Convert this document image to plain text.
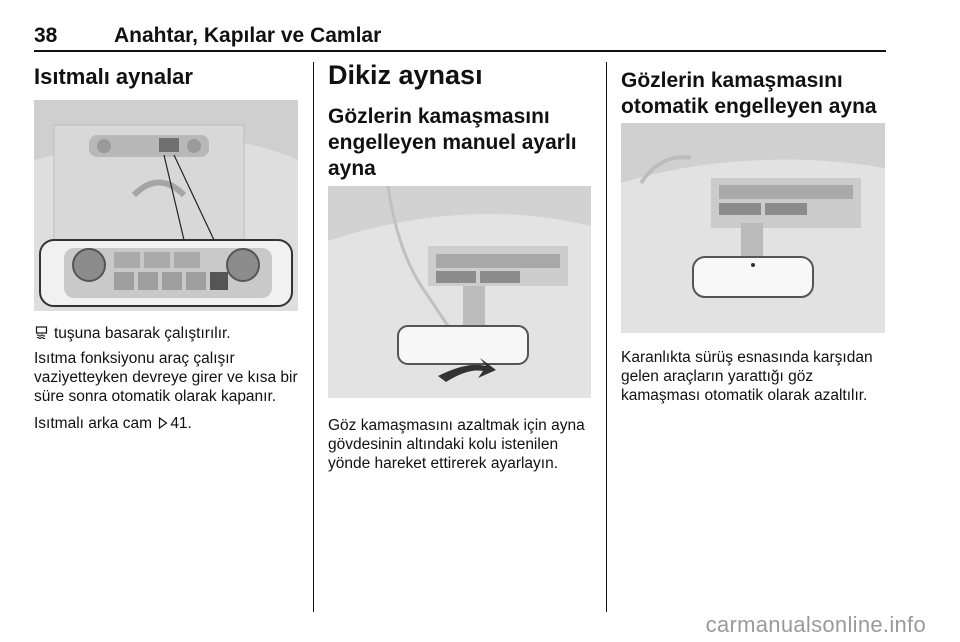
38	Anahtar, Kapılar ve Camlar
Isıtmalı aynalar

tuşuna basarak çalıştırılır.

Isıtma fonksiyonu araç çalışır vaziyetteyken devreye girer ve kısa bir süre sonra otomatik olarak kapanır.

Isıtmalı arka cam 41.

Dikiz aynası
Gözlerin kamaşmasını engelleyen manuel ayarlı ayna

Göz kamaşmasını azaltmak için ayna gövdesinin altındaki kolu istenilen yönde hareket ettirerek ayarlayın.

Gözlerin kamaşmasını otomatik engelleyen ayna

Karanlıkta sürüş esnasında karşıdan gelen araçların yarattığı göz kamaşması otomatik olarak azaltılır.

carmanualsonline.info
